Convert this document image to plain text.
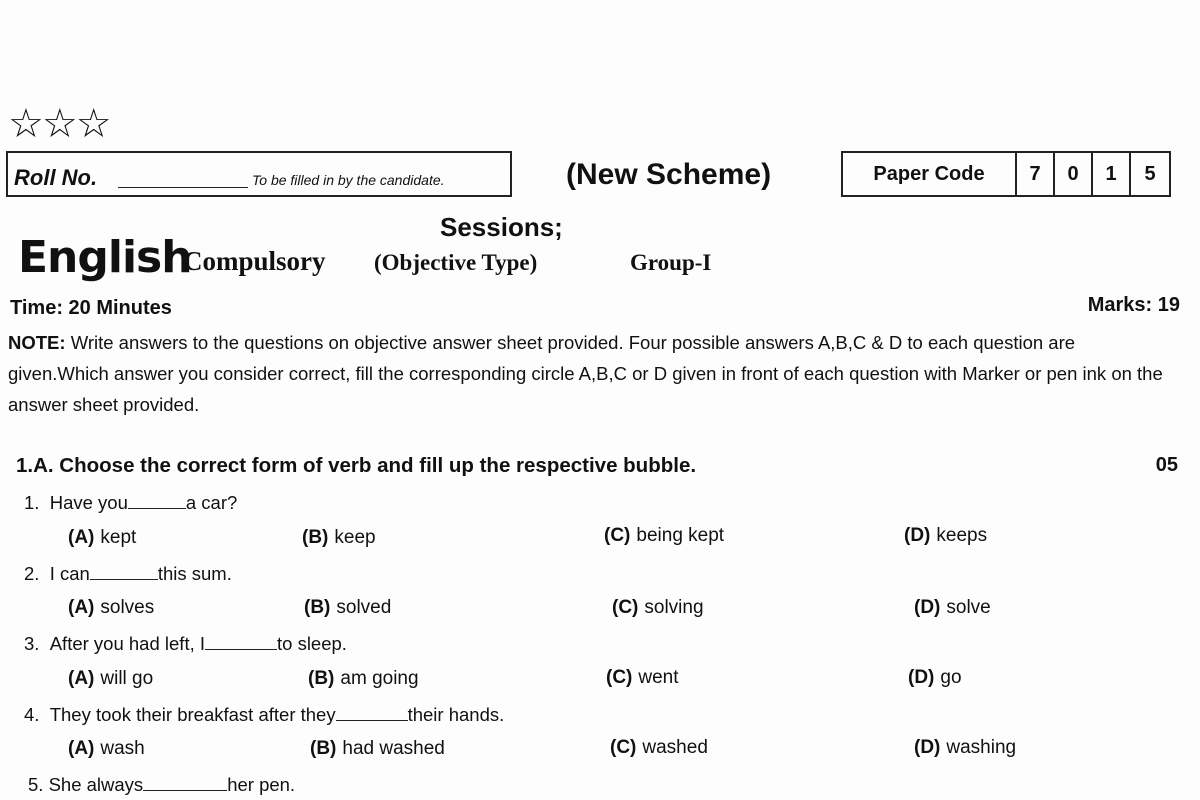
☆☆☆
Roll No.	To be filled in by the candidate.	(New Scheme)	Paper Code	7	0	1	5
Sessions;
English
Compulsory (Objective Type)	Group-I
Time: 20 Minutes	Marks: 19
NOTE: Write answers to the questions on objective answer sheet provided. Four possible answers A,B,C & D to each question are given.Which answer you consider correct, fill the corresponding circle A,B,C or D given in front of each question with Marker or pen ink on the answer sheet provided.
1.A. Choose the correct form of verb and fill up the respective bubble.	05
1. Have you	a car?
(A) kept	(B) keep	(C) being kept	(D) keeps
2. I can	this sum.
(A) solves	(B) solved	(C) solving	(D) solve
3. After you had left, I	to sleep.
(A) will go	(B) am going	(C) went	(D) go
4. They took their breakfast after they	their hands.
(A) wash	(B) had washed	(C) washed	(D) washing
5. She always	her pen.
